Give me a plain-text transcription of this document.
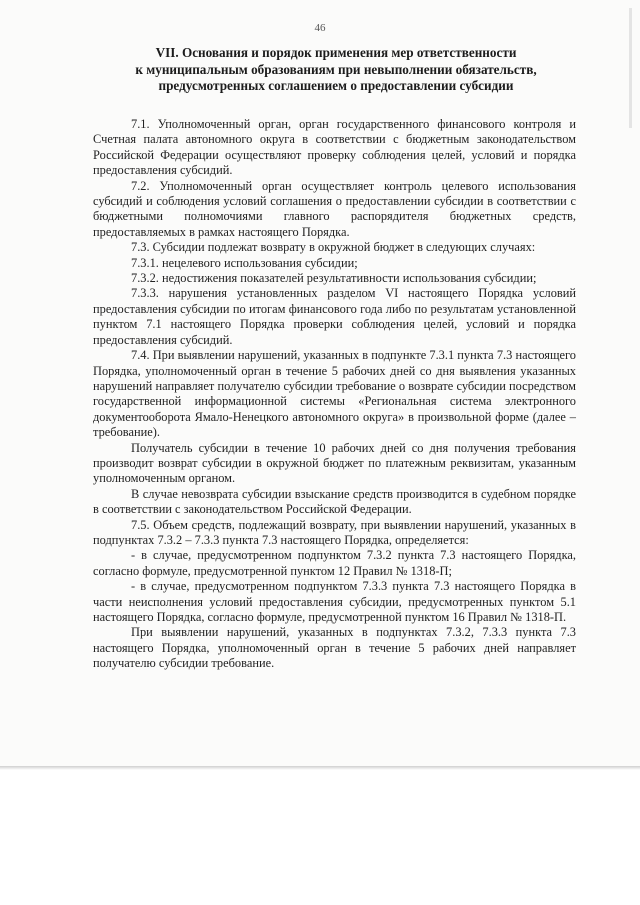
46
VII. Основания и порядок применения мер ответственности
к муниципальным образованиям при невыполнении обязательств,
предусмотренных соглашением о предоставлении субсидии

7.1. Уполномоченный орган, орган государственного финансового контроля и Счетная палата автономного округа в соответствии с бюджетным законодательством Российской Федерации осуществляют проверку соблюдения целей, условий и порядка предоставления субсидий.

7.2. Уполномоченный орган осуществляет контроль целевого использования субсидий и соблюдения условий соглашения о предоставлении субсидии в соответствии с бюджетными полномочиями главного распорядителя бюджетных средств, предоставляемых в рамках настоящего Порядка.

7.3. Субсидии подлежат возврату в окружной бюджет в следующих случаях:

7.3.1. нецелевого использования субсидии;

7.3.2. недостижения показателей результативности использования субсидии;

7.3.3. нарушения установленных разделом VI настоящего Порядка условий предоставления субсидии по итогам финансового года либо по результатам установленной пунктом 7.1 настоящего Порядка проверки соблюдения целей, условий и порядка предоставления субсидий.

7.4. При выявлении нарушений, указанных в подпункте 7.3.1 пункта 7.3 настоящего Порядка, уполномоченный орган в течение 5 рабочих дней со дня выявления указанных нарушений направляет получателю субсидии требование о возврате субсидии посредством государственной информационной системы «Региональная система электронного документооборота Ямало-Ненецкого автономного округа» в произвольной форме (далее – требование).

Получатель субсидии в течение 10 рабочих дней со дня получения требования производит возврат субсидии в окружной бюджет по платежным реквизитам, указанным уполномоченным органом.

В случае невозврата субсидии взыскание средств производится в судебном порядке в соответствии с законодательством Российской Федерации.

7.5. Объем средств, подлежащий возврату, при выявлении нарушений, указанных в подпунктах 7.3.2 – 7.3.3 пункта 7.3 настоящего Порядка, определяется:

- в случае, предусмотренном подпунктом 7.3.2 пункта 7.3 настоящего Порядка, согласно формуле, предусмотренной пунктом 12 Правил № 1318-П;

- в случае, предусмотренном подпунктом 7.3.3 пункта 7.3 настоящего Порядка в части неисполнения условий предоставления субсидии, предусмотренных пунктом 5.1 настоящего Порядка, согласно формуле, предусмотренной пунктом 16 Правил № 1318-П.

При выявлении нарушений, указанных в подпунктах 7.3.2, 7.3.3 пункта 7.3 настоящего Порядка, уполномоченный орган в течение 5 рабочих дней направляет получателю субсидии требование.
